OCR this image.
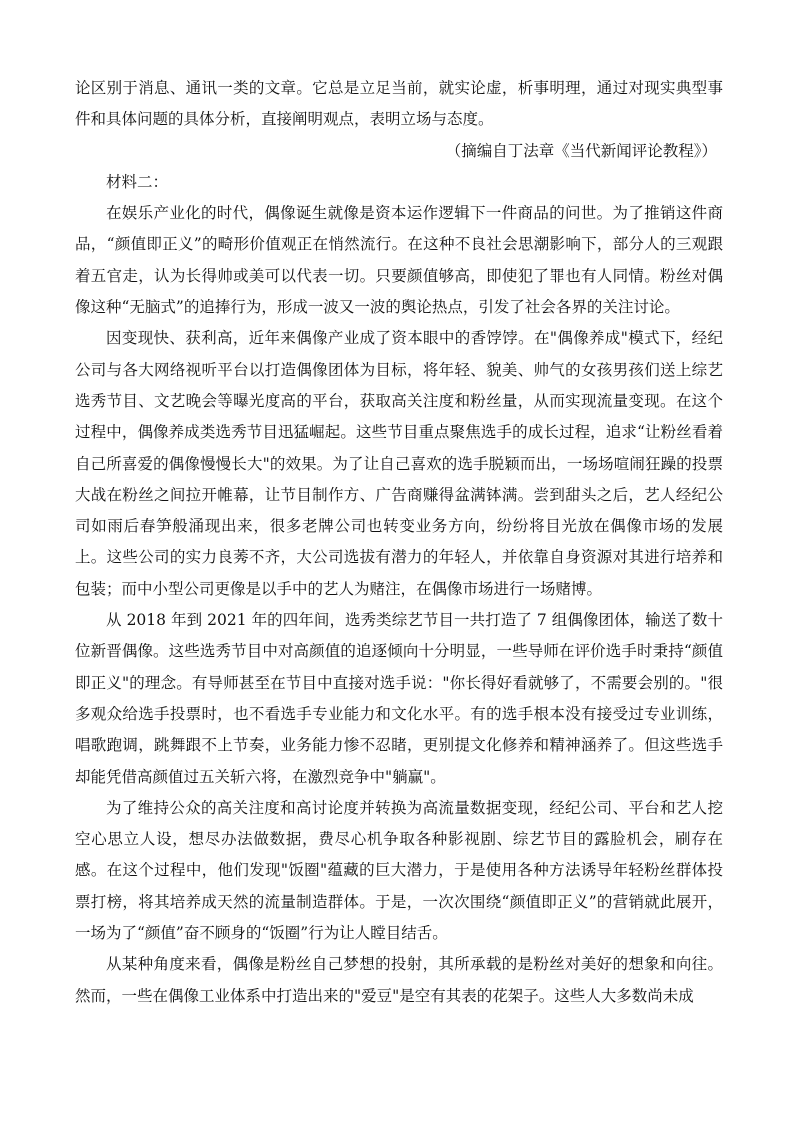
论区别于消息、通讯一类的文章。它总是立足当前，就实论虚，析事明理，通过对现实典型事件和具体问题的具体分析，直接阐明观点，表明立场与态度。

（摘编自丁法章《当代新闻评论教程》）

材料二：

在娱乐产业化的时代，偶像诞生就像是资本运作逻辑下一件商品的问世。为了推销这件商品，“颜值即正义”的畸形价值观正在悄然流行。在这种不良社会思潮影响下，部分人的三观跟着五官走，认为长得帅或美可以代表一切。只要颜值够高，即使犯了罪也有人同情。粉丝对偶像这种“无脑式”的追捧行为，形成一波又一波的舆论热点，引发了社会各界的关注讨论。

因变现快、获利高，近年来偶像产业成了资本眼中的香饽饽。在"偶像养成"模式下，经纪公司与各大网络视听平台以打造偶像团体为目标，将年轻、貌美、帅气的女孩男孩们送上综艺选秀节目、文艺晚会等曝光度高的平台，获取高关注度和粉丝量，从而实现流量变现。在这个过程中，偶像养成类选秀节目迅猛崛起。这些节目重点聚焦选手的成长过程，追求“让粉丝看着自己所喜爱的偶像慢慢长大"的效果。为了让自己喜欢的选手脱颖而出，一场场喧闹狂躁的投票大战在粉丝之间拉开帷幕，让节目制作方、广告商赚得盆满钵满。尝到甜头之后，艺人经纪公司如雨后春笋般涌现出来，很多老牌公司也转变业务方向，纷纷将目光放在偶像市场的发展上。这些公司的实力良莠不齐，大公司选拔有潜力的年轻人，并依靠自身资源对其进行培养和包装；而中小型公司更像是以手中的艺人为赌注，在偶像市场进行一场赌博。

从 2018 年到 2021 年的四年间，选秀类综艺节目一共打造了 7 组偶像团体，输送了数十位新晋偶像。这些选秀节目中对高颜值的追逐倾向十分明显，一些导师在评价选手时秉持“颜值即正义"的理念。有导师甚至在节目中直接对选手说："你长得好看就够了，不需要会别的。"很多观众给选手投票时，也不看选手专业能力和文化水平。有的选手根本没有接受过专业训练，唱歌跑调，跳舞跟不上节奏，业务能力惨不忍睹，更别提文化修养和精神涵养了。但这些选手却能凭借高颜值过五关斩六将，在激烈竞争中"躺赢"。

为了维持公众的高关注度和高讨论度并转换为高流量数据变现，经纪公司、平台和艺人挖空心思立人设，想尽办法做数据，费尽心机争取各种影视剧、综艺节目的露脸机会，刷存在感。在这个过程中，他们发现"饭圈"蕴藏的巨大潜力，于是使用各种方法诱导年轻粉丝群体投票打榜，将其培养成天然的流量制造群体。于是，一次次围绕“颜值即正义”的营销就此展开，一场为了“颜值”奋不顾身的“饭圈”行为让人瞠目结舌。

从某种角度来看，偶像是粉丝自己梦想的投射，其所承载的是粉丝对美好的想象和向往。然而，一些在偶像工业体系中打造出来的"爱豆"是空有其表的花架子。这些人大多数尚未成
